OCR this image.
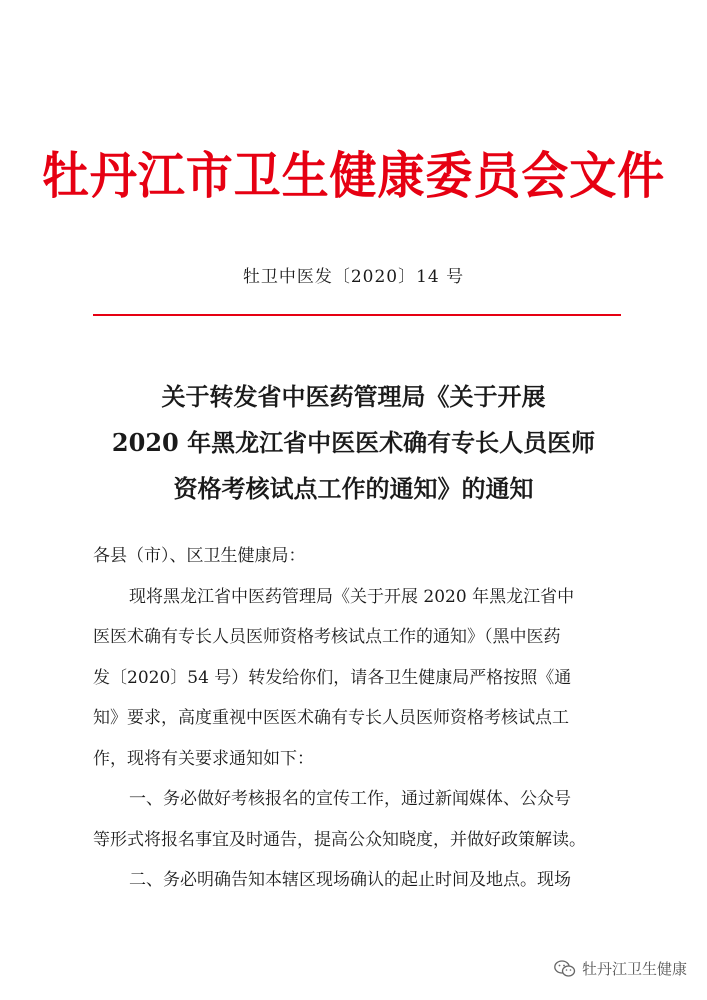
牡丹江市卫生健康委员会文件
牡卫中医发〔2020〕14 号
关于转发省中医药管理局《关于开展
2020 年黑龙江省中医医术确有专长人员医师
资格考核试点工作的通知》的通知

各县（市）、区卫生健康局：

现将黑龙江省中医药管理局《关于开展 2020 年黑龙江省中

医医术确有专长人员医师资格考核试点工作的通知》（黑中医药

发〔2020〕54 号）转发给你们，请各卫生健康局严格按照《通

知》要求，高度重视中医医术确有专长人员医师资格考核试点工

作，现将有关要求通知如下：

一、务必做好考核报名的宣传工作，通过新闻媒体、公众号

等形式将报名事宜及时通告，提高公众知晓度，并做好政策解读。

二、务必明确告知本辖区现场确认的起止时间及地点。现场

牡丹江卫生健康
